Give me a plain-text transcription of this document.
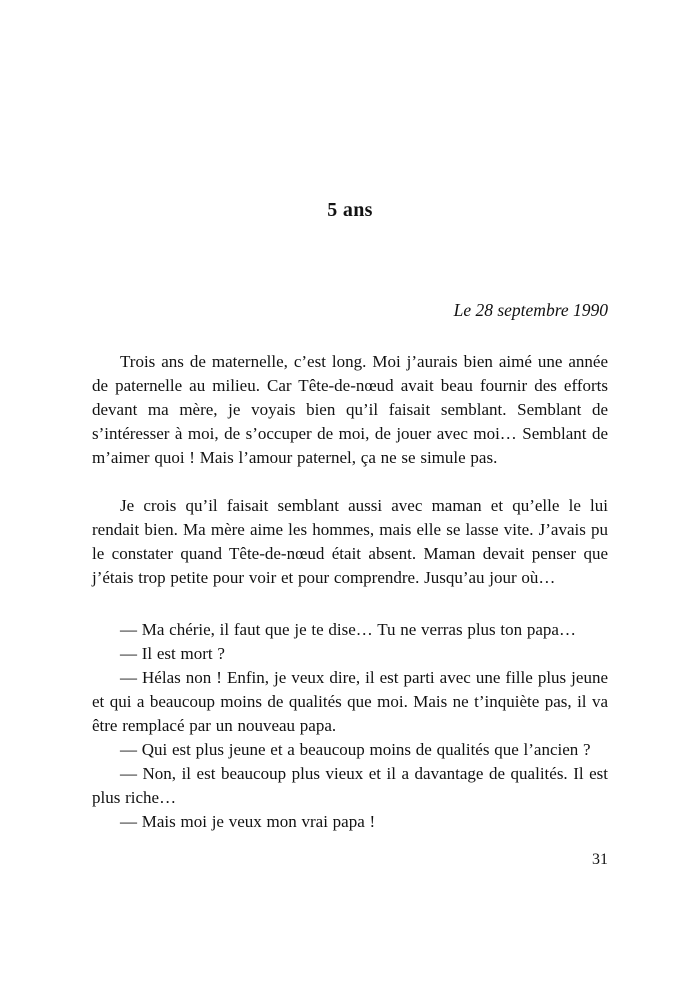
5 ans

Le 28 septembre 1990

Trois ans de maternelle, c’est long. Moi j’aurais bien aimé une année de paternelle au milieu. Car Tête-de-nœud avait beau fournir des efforts devant ma mère, je voyais bien qu’il faisait semblant. Semblant de s’intéresser à moi, de s’occuper de moi, de jouer avec moi… Semblant de m’aimer quoi ! Mais l’amour paternel, ça ne se simule pas.

Je crois qu’il faisait semblant aussi avec maman et qu’elle le lui rendait bien. Ma mère aime les hommes, mais elle se lasse vite. J’avais pu le constater quand Tête-de-nœud était absent. Maman devait penser que j’étais trop petite pour voir et pour comprendre. Jusqu’au jour où…

— Ma chérie, il faut que je te dise… Tu ne verras plus ton papa…

— Il est mort ?

— Hélas non ! Enfin, je veux dire, il est parti avec une fille plus jeune et qui a beaucoup moins de qualités que moi. Mais ne t’inquiète pas, il va être remplacé par un nouveau papa.

— Qui est plus jeune et a beaucoup moins de qualités que l’ancien ?

— Non, il est beaucoup plus vieux et il a davantage de qualités. Il est plus riche…

— Mais moi je veux mon vrai papa !

31
